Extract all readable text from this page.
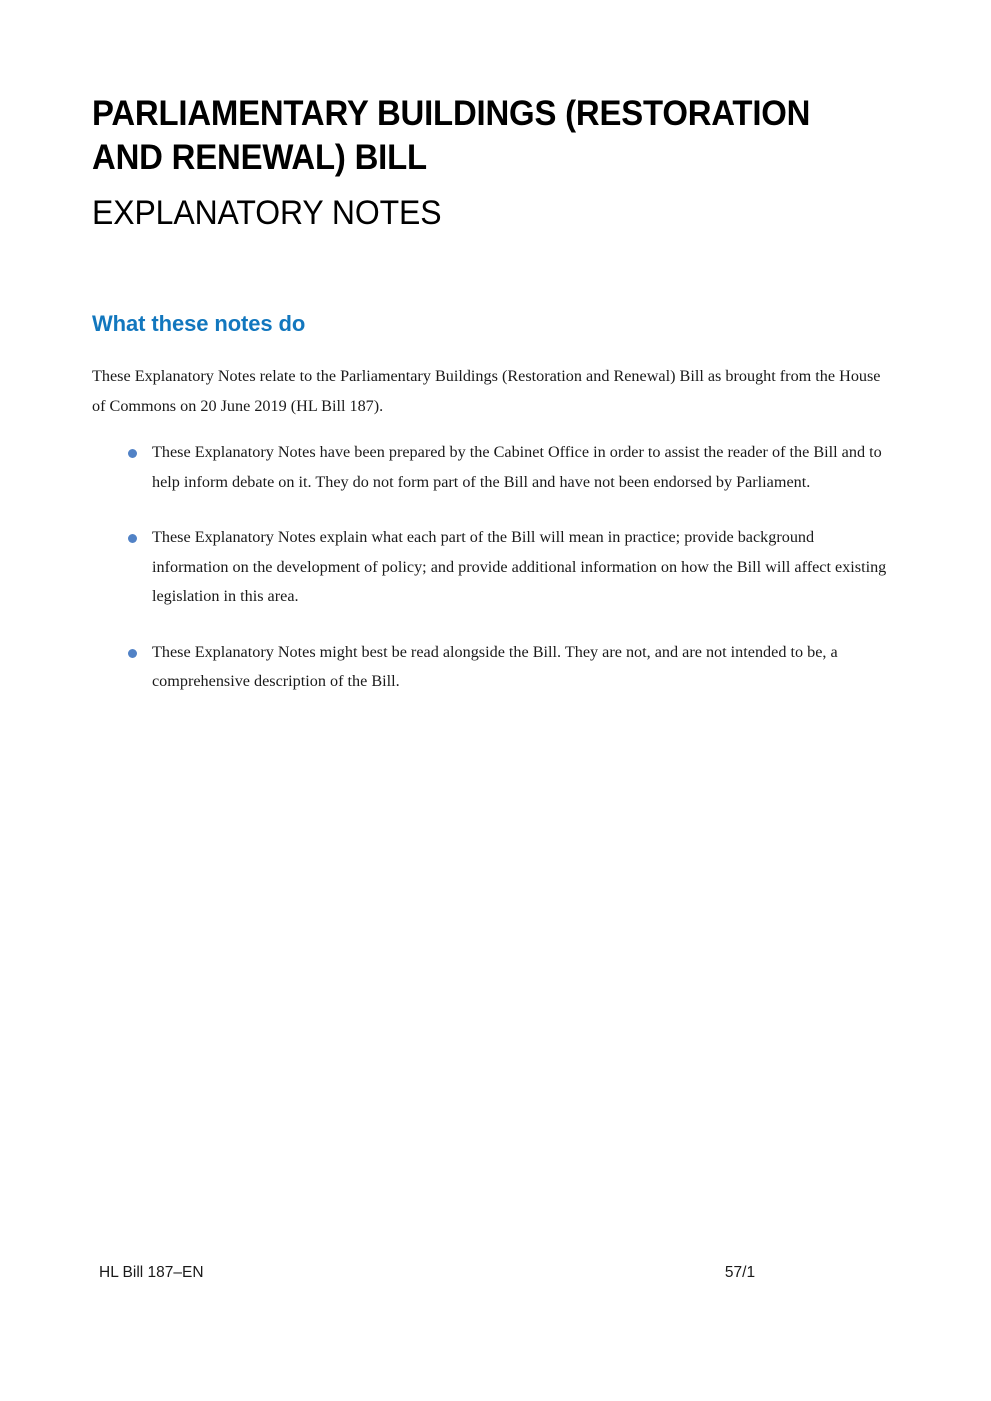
PARLIAMENTARY BUILDINGS (RESTORATION AND RENEWAL) BILL
EXPLANATORY NOTES
What these notes do

These Explanatory Notes relate to the Parliamentary Buildings (Restoration and Renewal) Bill as brought from the House of Commons on 20 June 2019 (HL Bill 187).

These Explanatory Notes have been prepared by the Cabinet Office in order to assist the reader of the Bill and to help inform debate on it. They do not form part of the Bill and have not been endorsed by Parliament.
These Explanatory Notes explain what each part of the Bill will mean in practice; provide background information on the development of policy; and provide additional information on how the Bill will affect existing legislation in this area.
These Explanatory Notes might best be read alongside the Bill. They are not, and are not intended to be, a comprehensive description of the Bill.
HL Bill 187–EN	57/1
